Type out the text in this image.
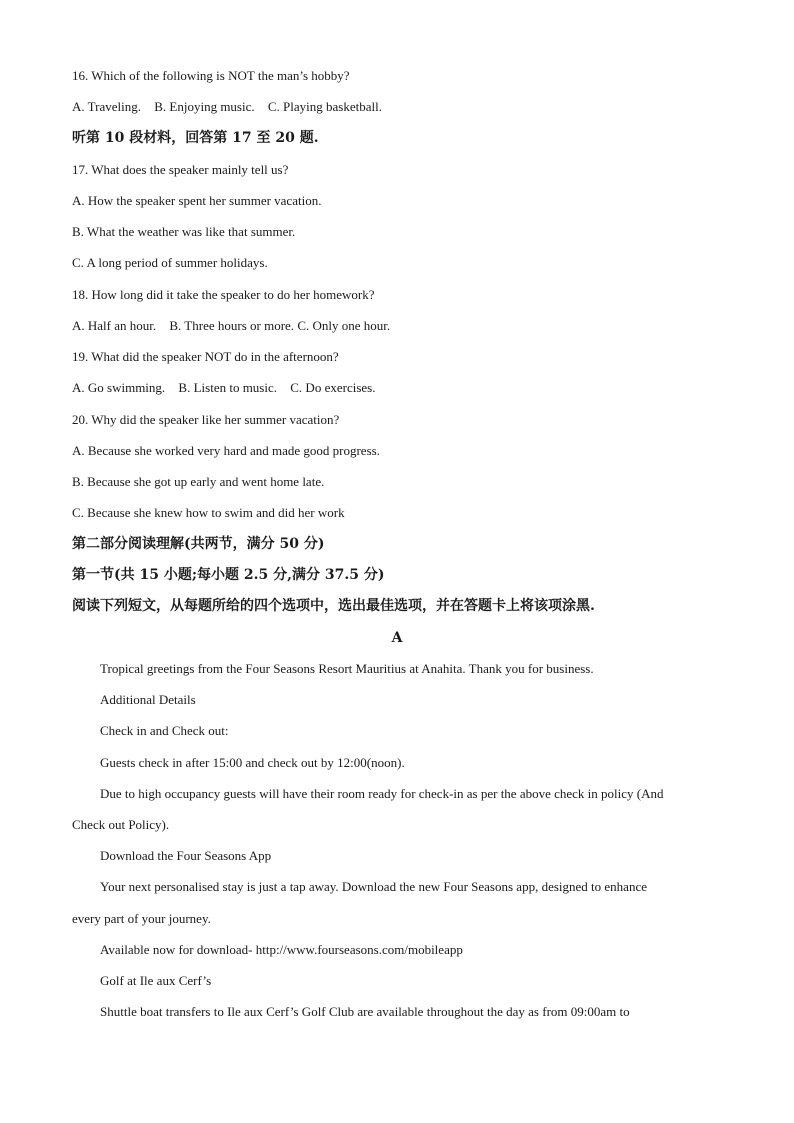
16. Which of the following is NOT the man’s hobby?
A. Traveling. B. Enjoying music. C. Playing basketball.
听第 10 段材料，回答第 17 至 20 题.
17. What does the speaker mainly tell us?
A. How the speaker spent her summer vacation.
B. What the weather was like that summer.
C. A long period of summer holidays.
18. How long did it take the speaker to do her homework?
A. Half an hour. B. Three hours or more. C. Only one hour.
19. What did the speaker NOT do in the afternoon?
A. Go swimming. B. Listen to music. C. Do exercises.
20. Why did the speaker like her summer vacation?
A. Because she worked very hard and made good progress.
B. Because she got up early and went home late.
C. Because she knew how to swim and did her work
第二部分阅读理解(共两节，满分 50 分)
第一节(共 15 小题;每小题 2.5 分,满分 37.5 分)
阅读下列短文，从每题所给的四个选项中，选出最佳选项，并在答题卡上将该项涂黑.
A
Tropical greetings from the Four Seasons Resort Mauritius at Anahita. Thank you for business.
Additional Details
Check in and Check out:
Guests check in after 15:00 and check out by 12:00(noon).
Due to high occupancy guests will have their room ready for check-in as per the above check in policy (And
Check out Policy).
Download the Four Seasons App
Your next personalised stay is just a tap away. Download the new Four Seasons app, designed to enhance
every part of your journey.
Available now for download- http://www.fourseasons.com/mobileapp
Golf at Ile aux Cerf’s
Shuttle boat transfers to Ile aux Cerf’s Golf Club are available throughout the day as from 09:00am to
